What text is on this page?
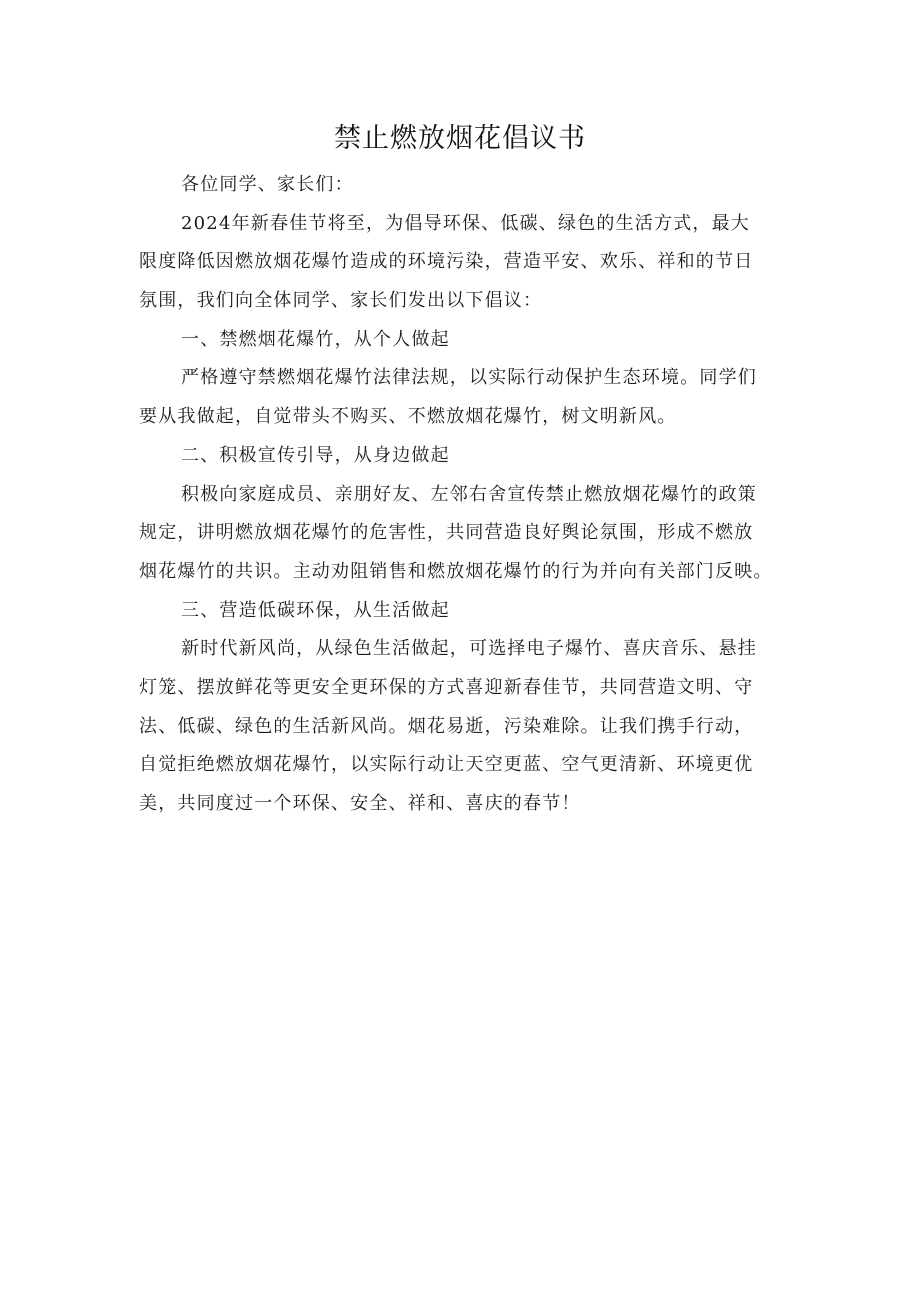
禁止燃放烟花倡议书
各位同学、家长们：
2024年新春佳节将至，为倡导环保、低碳、绿色的生活方式，最大
限度降低因燃放烟花爆竹造成的环境污染，营造平安、欢乐、祥和的节日
氛围，我们向全体同学、家长们发出以下倡议：
一、禁燃烟花爆竹，从个人做起
严格遵守禁燃烟花爆竹法律法规，以实际行动保护生态环境。同学们
要从我做起，自觉带头不购买、不燃放烟花爆竹，树文明新风。
二、积极宣传引导，从身边做起
积极向家庭成员、亲朋好友、左邻右舍宣传禁止燃放烟花爆竹的政策
规定，讲明燃放烟花爆竹的危害性，共同营造良好舆论氛围，形成不燃放
烟花爆竹的共识。主动劝阻销售和燃放烟花爆竹的行为并向有关部门反映。
三、营造低碳环保，从生活做起
新时代新风尚，从绿色生活做起，可选择电子爆竹、喜庆音乐、悬挂
灯笼、摆放鲜花等更安全更环保的方式喜迎新春佳节，共同营造文明、守
法、低碳、绿色的生活新风尚。烟花易逝，污染难除。让我们携手行动，
自觉拒绝燃放烟花爆竹，以实际行动让天空更蓝、空气更清新、环境更优
美，共同度过一个环保、安全、祥和、喜庆的春节！
